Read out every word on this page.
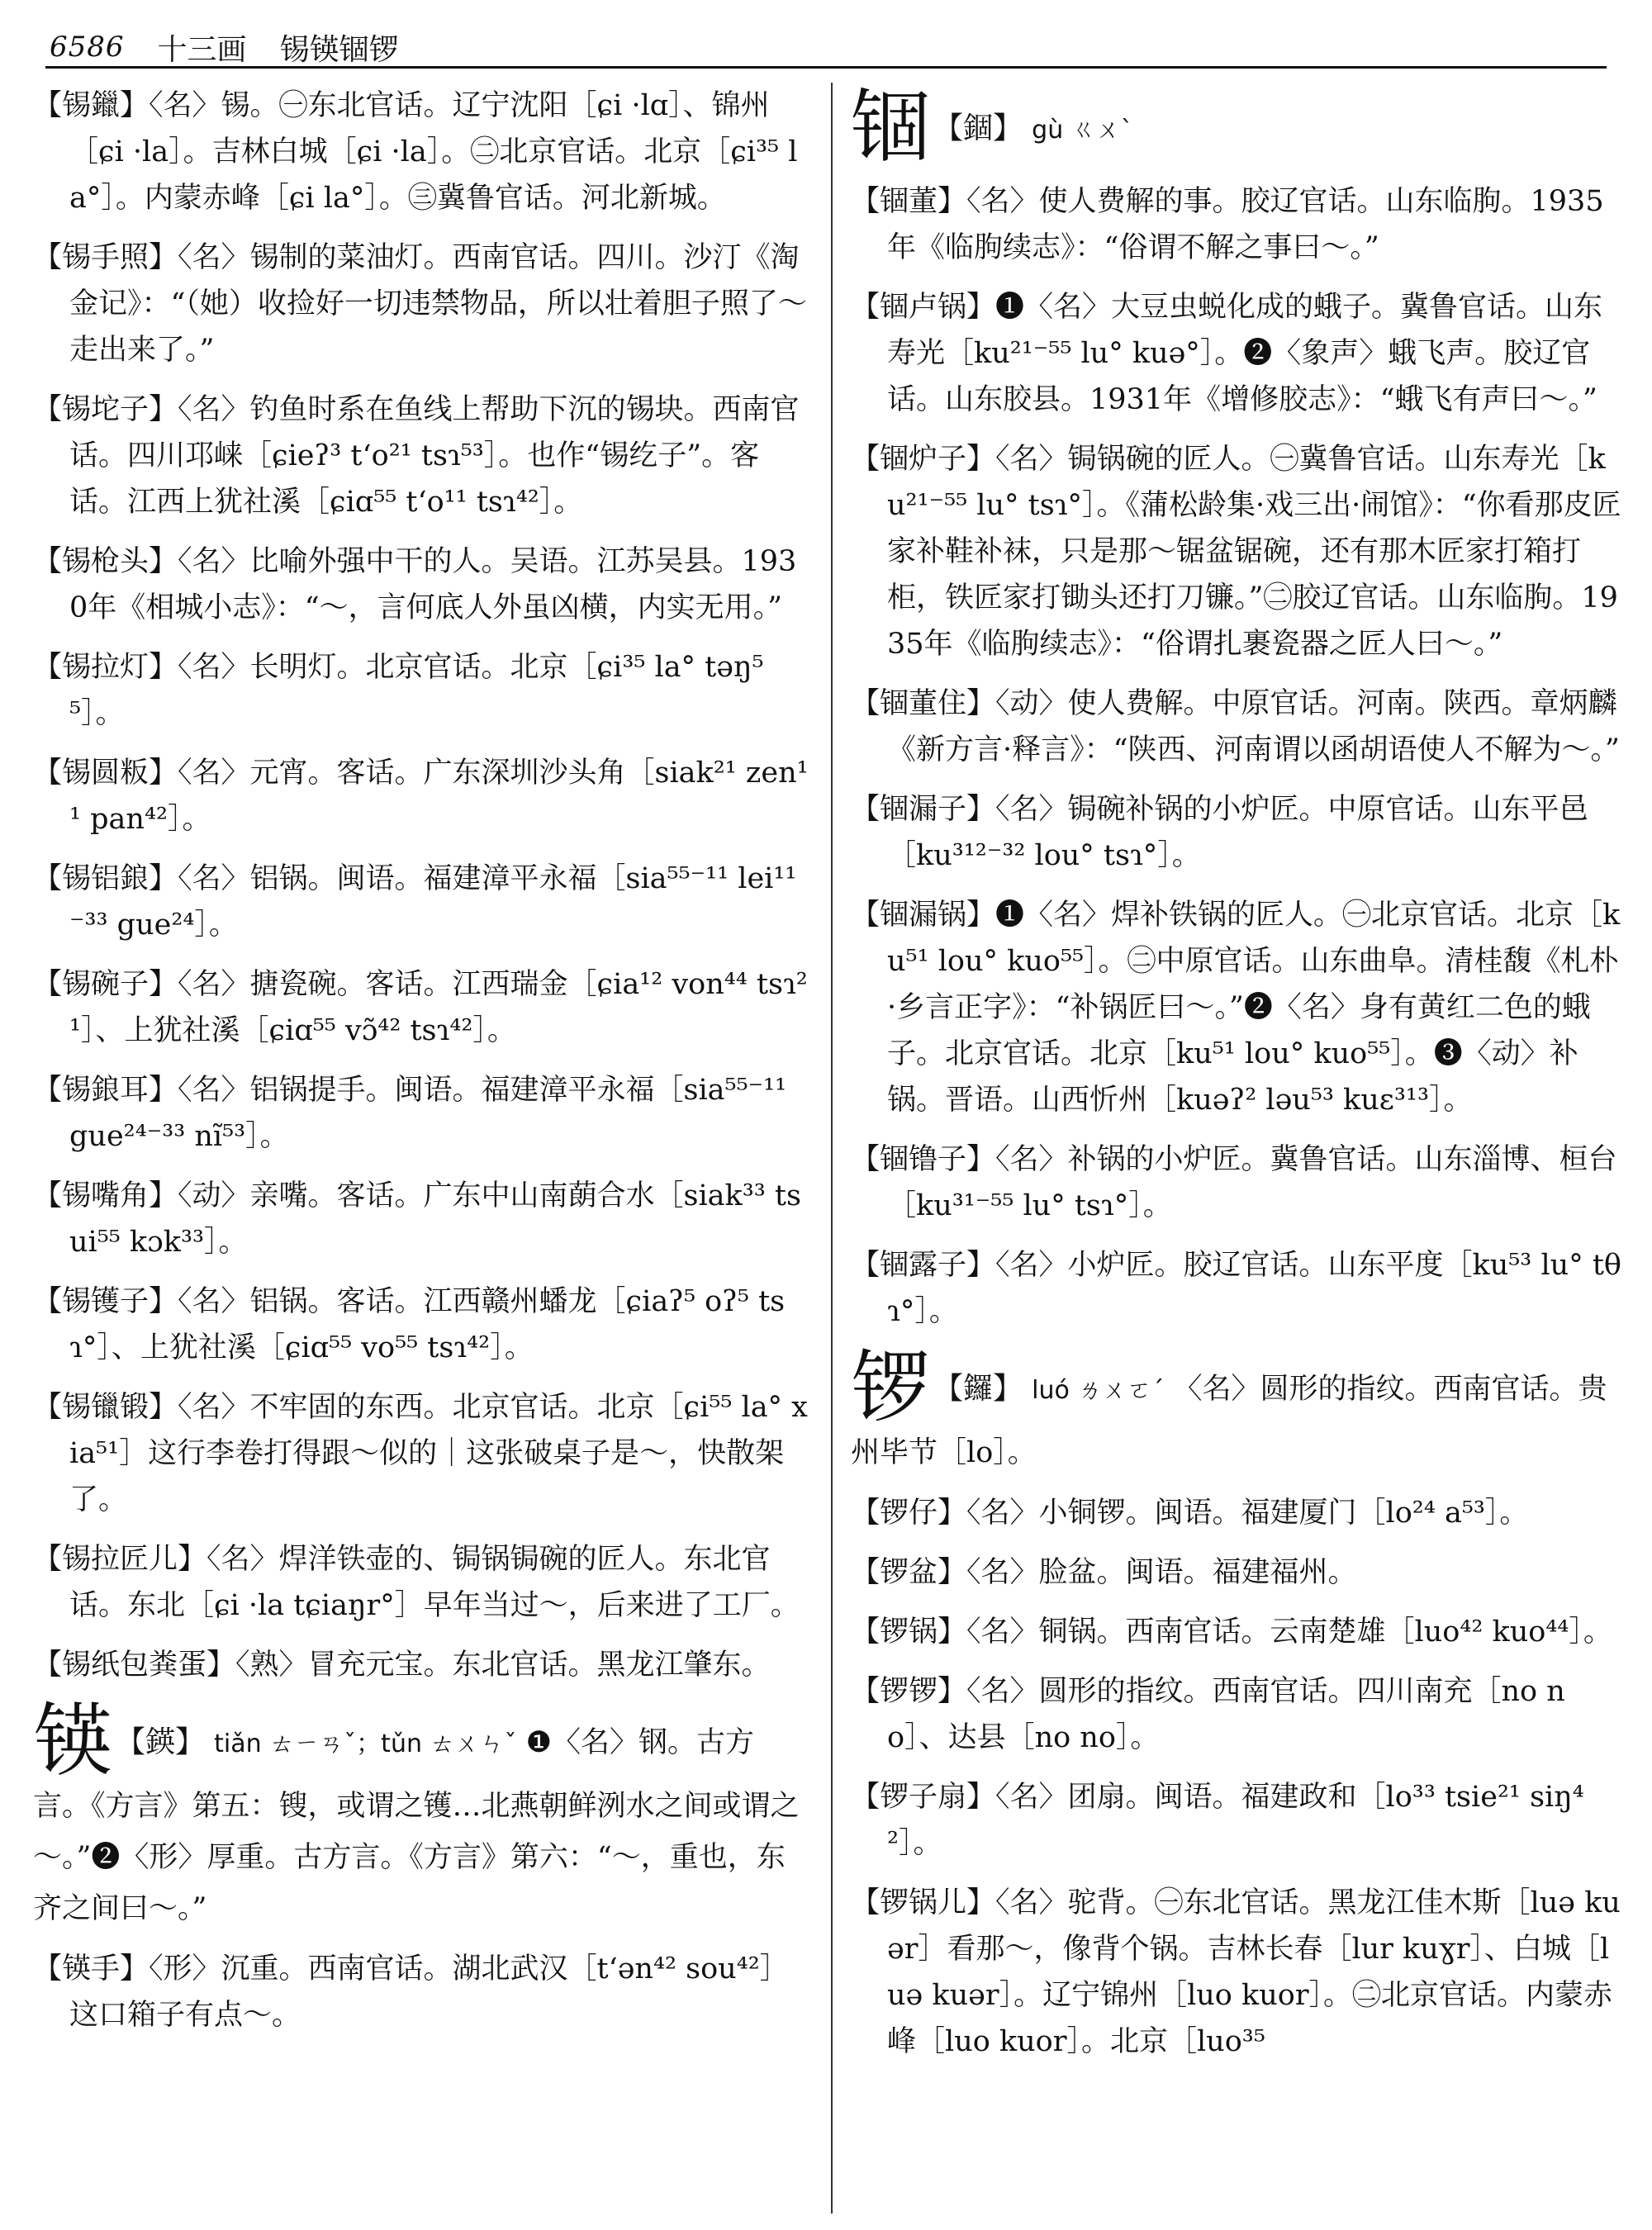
6586 十三画 锡锳锢锣

【锡鑞】〈名〉锡。㊀东北官话。辽宁沈阳［ɕi ·lɑ］、锦州［ɕi ·la］。吉林白城［ɕi ·la］。㊁北京官话。北京［ɕi³⁵ la°］。内蒙赤峰［ɕi la°］。㊂冀鲁官话。河北新城。

【锡手照】〈名〉锡制的菜油灯。西南官话。四川。沙汀《淘金记》：“（她）收捡好一切违禁物品，所以壮着胆子照了～走出来了。”

【锡坨子】〈名〉钓鱼时系在鱼线上帮助下沉的锡块。西南官话。四川邛崃［ɕieʔ³ t‘o²¹ tsɿ⁵³］。也作“锡纥子”。客话。江西上犹社溪［ɕiɑ⁵⁵ t‘o¹¹ tsɿ⁴²］。

【锡枪头】〈名〉比喻外强中干的人。吴语。江苏吴县。1930年《相城小志》：“～，言何底人外虽凶横，内实无用。”

【锡拉灯】〈名〉长明灯。北京官话。北京［ɕi³⁵ la° təŋ⁵⁵］。

【锡圆粄】〈名〉元宵。客话。广东深圳沙头角［siak²¹ zen¹¹ pan⁴²］。

【锡铝鋃】〈名〉铝锅。闽语。福建漳平永福［sia⁵⁵⁻¹¹ lei¹¹⁻³³ gue²⁴］。

【锡碗子】〈名〉搪瓷碗。客话。江西瑞金［ɕia¹² von⁴⁴ tsɿ²¹］、上犹社溪［ɕiɑ⁵⁵ vɔ̃⁴² tsɿ⁴²］。

【锡鋃耳】〈名〉铝锅提手。闽语。福建漳平永福［sia⁵⁵⁻¹¹ gue²⁴⁻³³ nĩ⁵³］。

【锡嘴角】〈动〉亲嘴。客话。广东中山南蓢合水［siak³³ tsui⁵⁵ kɔk³³］。

【锡镬子】〈名〉铝锅。客话。江西赣州蟠龙［ɕiaʔ⁵ oʔ⁵ tsɿ°］、上犹社溪［ɕiɑ⁵⁵ vo⁵⁵ tsɿ⁴²］。

【锡镴锻】〈名〉不牢固的东西。北京官话。北京［ɕi⁵⁵ la° xia⁵¹］这行李卷打得跟～似的｜这张破桌子是～，快散架了。

【锡拉匠儿】〈名〉焊洋铁壶的、锔锅锔碗的匠人。东北官话。东北［ɕi ·la tɕiaŋr°］早年当过～，后来进了工厂。

【锡纸包粪蛋】〈熟〉冒充元宝。东北官话。黑龙江肇东。

锳 【鍈】 tiǎn ㄊㄧㄢˇ；tǔn ㄊㄨㄣˇ ❶〈名〉钢。古方言。《方言》第五：锼，或谓之镬…北燕朝鲜洌水之间或谓之～。”❷〈形〉厚重。古方言。《方言》第六：“～，重也，东齐之间曰～。”

【锳手】〈形〉沉重。西南官话。湖北武汉［t‘ən⁴² sou⁴²］这口箱子有点～。

锢 【錮】 gù ㄍㄨˋ

【锢董】〈名〉使人费解的事。胶辽官话。山东临朐。1935年《临朐续志》：“俗谓不解之事曰～。”

【锢卢锅】❶〈名〉大豆虫蜕化成的蛾子。冀鲁官话。山东寿光［ku²¹⁻⁵⁵ lu° kuə°］。❷〈象声〉蛾飞声。胶辽官话。山东胶县。1931年《增修胶志》：“蛾飞有声曰～。”

【锢炉子】〈名〉锔锅碗的匠人。㊀冀鲁官话。山东寿光［ku²¹⁻⁵⁵ lu° tsɿ°］。《蒲松龄集·戏三出·闹馆》：“你看那皮匠家补鞋补袜，只是那～锯盆锯碗，还有那木匠家打箱打柜，铁匠家打锄头还打刀镰。”㊁胶辽官话。山东临朐。1935年《临朐续志》：“俗谓扎裹瓷器之匠人曰～。”

【锢董住】〈动〉使人费解。中原官话。河南。陕西。章炳麟《新方言·释言》：“陕西、河南谓以函胡语使人不解为～。”

【锢漏子】〈名〉锔碗补锅的小炉匠。中原官话。山东平邑［ku³¹²⁻³² lou° tsɿ°］。

【锢漏锅】❶〈名〉焊补铁锅的匠人。㊀北京官话。北京［ku⁵¹ lou° kuo⁵⁵］。㊁中原官话。山东曲阜。清桂馥《札朴·乡言正字》：“补锅匠曰～。”❷〈名〉身有黄红二色的蛾子。北京官话。北京［ku⁵¹ lou° kuo⁵⁵］。❸〈动〉补锅。晋语。山西忻州［kuəʔ² ləu⁵³ kuɛ³¹³］。

【锢镥子】〈名〉补锅的小炉匠。冀鲁官话。山东淄博、桓台［ku³¹⁻⁵⁵ lu° tsɿ°］。

【锢露子】〈名〉小炉匠。胶辽官话。山东平度［ku⁵³ lu° tθɿ°］。

锣 【鑼】 luó ㄌㄨㄛˊ 〈名〉圆形的指纹。西南官话。贵州毕节［lo］。

【锣仔】〈名〉小铜锣。闽语。福建厦门［lo²⁴ a⁵³］。

【锣盆】〈名〉脸盆。闽语。福建福州。

【锣锅】〈名〉铜锅。西南官话。云南楚雄［luo⁴² kuo⁴⁴］。

【锣锣】〈名〉圆形的指纹。西南官话。四川南充［no no］、达县［no no］。

【锣子扇】〈名〉团扇。闽语。福建政和［lo³³ tsie²¹ siŋ⁴²］。

【锣锅儿】〈名〉驼背。㊀东北官话。黑龙江佳木斯［luə kuər］看那～，像背个锅。吉林长春［lur kuɣr］、白城［luə kuər］。辽宁锦州［luo kuor］。㊁北京官话。内蒙赤峰［luo kuor］。北京［luo³⁵
